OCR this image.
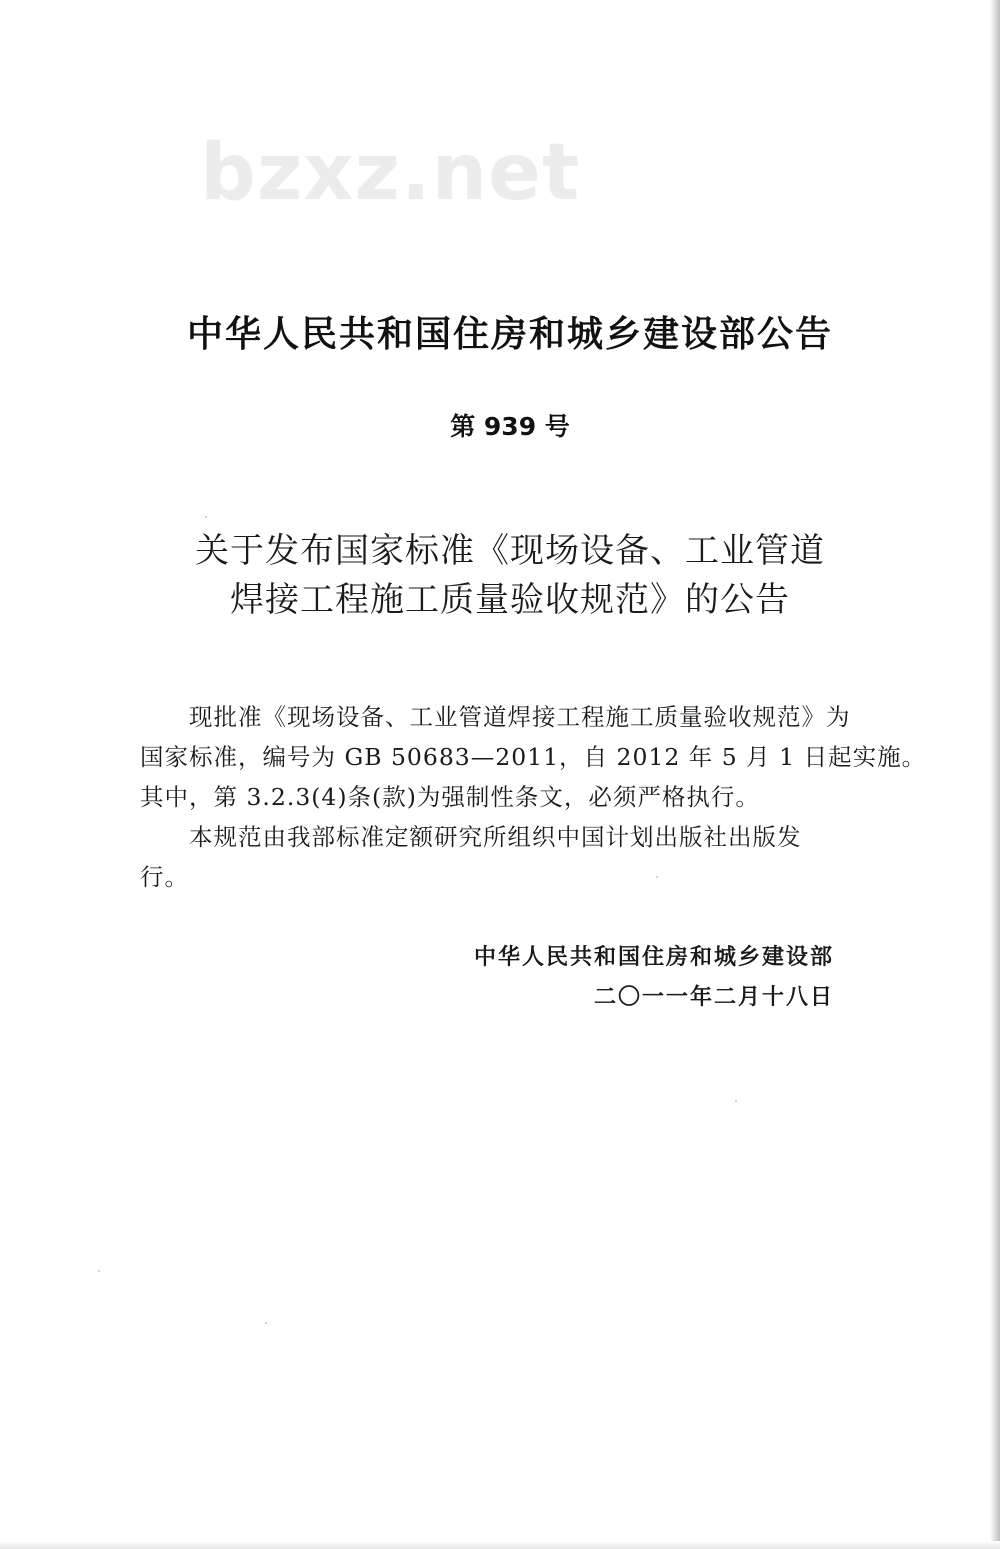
bzxz.net
中华人民共和国住房和城乡建设部公告
第 939 号
关于发布国家标准《现场设备、工业管道
焊接工程施工质量验收规范》的公告
　　现批准《现场设备、工业管道焊接工程施工质量验收规范》为
国家标准，编号为 GB 50683—2011，自 2012 年 5 月 1 日起实施。
其中，第 3.2.3(4)条(款)为强制性条文，必须严格执行。
　　本规范由我部标准定额研究所组织中国计划出版社出版发
行。
中华人民共和国住房和城乡建设部
二〇一一年二月十八日
